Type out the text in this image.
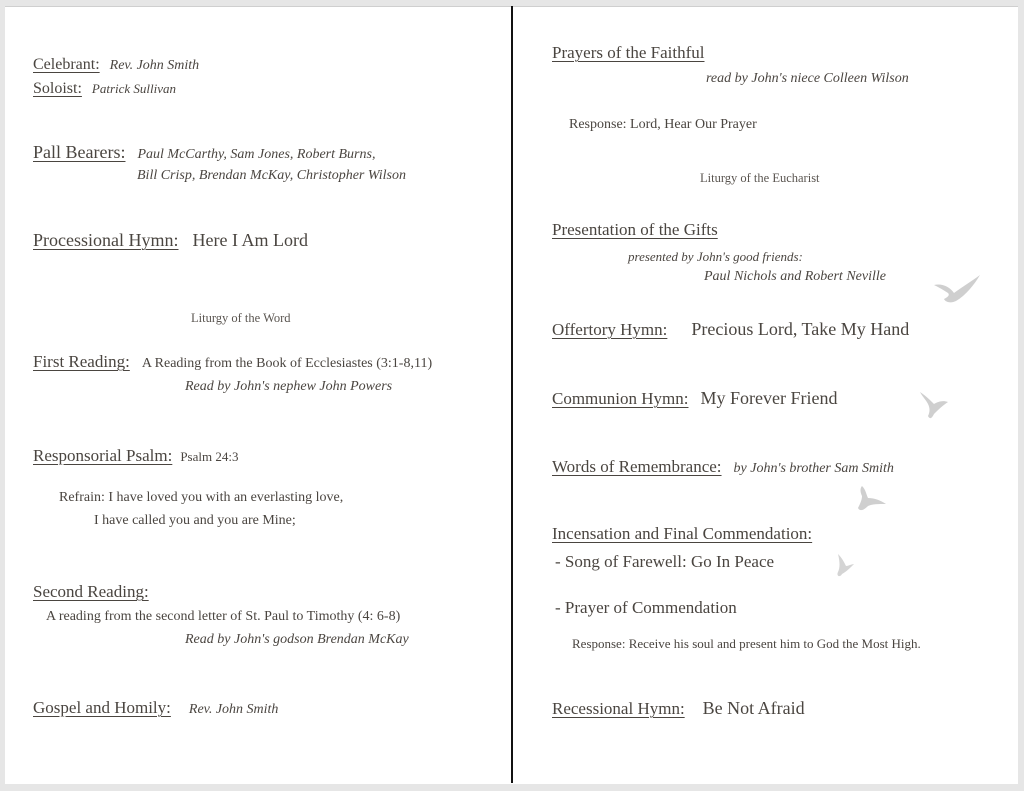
Celebrant: Rev. John Smith
Soloist: Patrick Sullivan
Pall Bearers: Paul McCarthy, Sam Jones, Robert Burns,
Bill Crisp, Brendan McKay, Christopher Wilson
Processional Hymn: Here I Am Lord
Liturgy of the Word
First Reading: A Reading from the Book of Ecclesiastes (3:1-8,11)
Read by John's nephew John Powers
Responsorial Psalm: Psalm 24:3
Refrain: I have loved you with an everlasting love,
I have called you and you are Mine;
Second Reading:
A reading from the second letter of St. Paul to Timothy (4: 6-8)
Read by John's godson Brendan McKay
Gospel and Homily: Rev. John Smith
Prayers of the Faithful
read by John's niece Colleen Wilson
Response: Lord, Hear Our Prayer
Liturgy of the Eucharist
Presentation of the Gifts
presented by John's good friends:
Paul Nichols and Robert Neville
Offertory Hymn: Precious Lord, Take My Hand
Communion Hymn: My Forever Friend
Words of Remembrance: by John's brother Sam Smith
Incensation and Final Commendation:
- Song of Farewell: Go In Peace
- Prayer of Commendation
Response: Receive his soul and present him to God the Most High.
Recessional Hymn: Be Not Afraid
